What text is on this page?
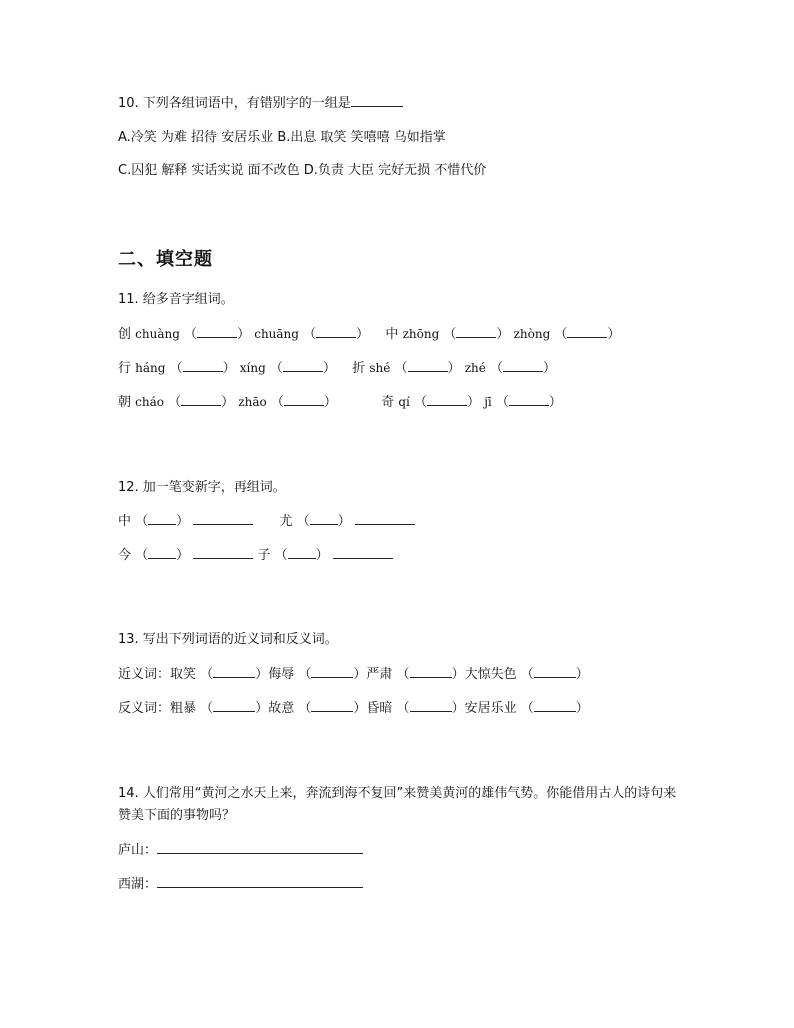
10. 下列各组词语中，有错别字的一组是
A.冷笑 为难 招待 安居乐业 B.出息 取笑 笑嘻嘻 乌如指掌
C.囚犯 解释 实话实说 面不改色 D.负责 大臣 完好无损 不惜代价
二、填空题
11. 给多音字组词。
创 chuàng （	） chuāng （	） 中 zhōng （	） zhòng （	）
行 háng （	） xíng （	） 折 shé （	） zhé （	）
朝 cháo （	） zhāo （	）	奇 qí （	） jī （	）
12. 加一笔变新字，再组词。
中 （ ）	尤 （ ）
今 （ ）	子 （ ）
13. 写出下列词语的近义词和反义词。
近义词：取笑 （	）侮辱 （	）严肃 （	）大惊失色 （	）
反义词：粗暴 （	）故意 （	）昏暗 （	）安居乐业 （	）
14. 人们常用“黄河之水天上来，奔流到海不复回”来赞美黄河的雄伟气势。你能借用古人的诗句来赞美下面的事物吗？
庐山：
西湖：
